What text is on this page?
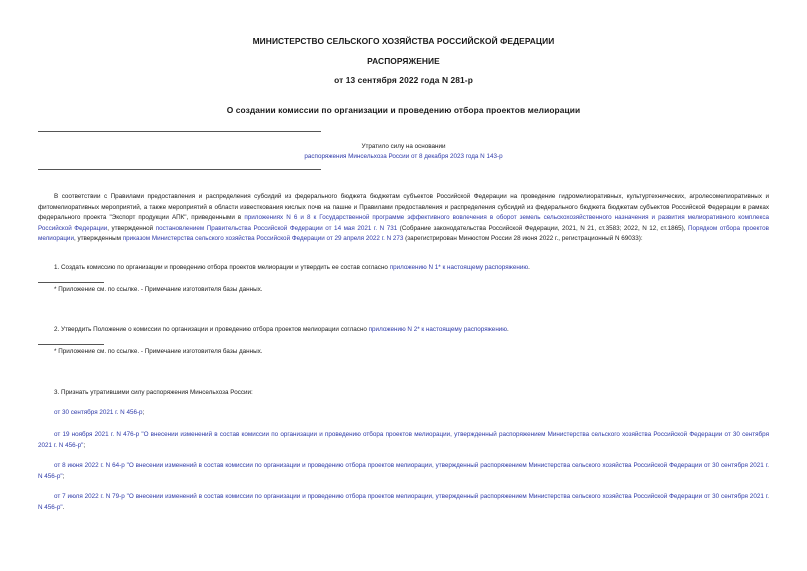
МИНИСТЕРСТВО СЕЛЬСКОГО ХОЗЯЙСТВА РОССИЙСКОЙ ФЕДЕРАЦИИ
РАСПОРЯЖЕНИЕ
от 13 сентября 2022 года N 281-р
О создании комиссии по организации и проведению отбора проектов мелиорации
Утратило силу на основании
распоряжения Минсельхоза России от 8 декабря 2023 года N 143-р
В соответствии с Правилами предоставления и распределения субсидий из федерального бюджета бюджетам субъектов Российской Федерации на проведение гидромелиоративных, культуртехнических, агролесомелиоративных и фитомелиоративных мероприятий, а также мероприятий в области известкования кислых почв на пашне и Правилами предоставления и распределения субсидий из федерального бюджета бюджетам субъектов Российской Федерации в рамках федерального проекта "Экспорт продукции АПК", приведенными в приложениях N 6 и 8 к Государственной программе эффективного вовлечения в оборот земель сельскохозяйственного назначения и развития мелиоративного комплекса Российской Федерации, утвержденной постановлением Правительства Российской Федерации от 14 мая 2021 г. N 731 (Собрание законодательства Российской Федерации, 2021, N 21, ст.3583; 2022, N 12, ст.1865), Порядком отбора проектов мелиорации, утвержденным приказом Министерства сельского хозяйства Российской Федерации от 29 апреля 2022 г. N 273 (зарегистрирован Минюстом России 28 июня 2022 г., регистрационный N 69033):
1. Создать комиссию по организации и проведению отбора проектов мелиорации и утвердить ее состав согласно приложению N 1* к настоящему распоряжению.
* Приложение см. по ссылке. - Примечание изготовителя базы данных.
2. Утвердить Положение о комиссии по организации и проведению отбора проектов мелиорации согласно приложению N 2* к настоящему распоряжению.
* Приложение см. по ссылке. - Примечание изготовителя базы данных.
3. Признать утратившими силу распоряжения Минсельхоза России:
от 30 сентября 2021 г. N 456-р;
от 19 ноября 2021 г. N 476-р "О внесении изменений в состав комиссии по организации и проведению отбора проектов мелиорации, утвержденный распоряжением Министерства сельского хозяйства Российской Федерации от 30 сентября 2021 г. N 456-р";
от 8 июня 2022 г. N 64-р "О внесении изменений в состав комиссии по организации и проведению отбора проектов мелиорации, утвержденный распоряжением Министерства сельского хозяйства Российской Федерации от 30 сентября 2021 г. N 456-р";
от 7 июля 2022 г. N 79-р "О внесении изменений в состав комиссии по организации и проведению отбора проектов мелиорации, утвержденный распоряжением Министерства сельского хозяйства Российской Федерации от 30 сентября 2021 г. N 456-р".
